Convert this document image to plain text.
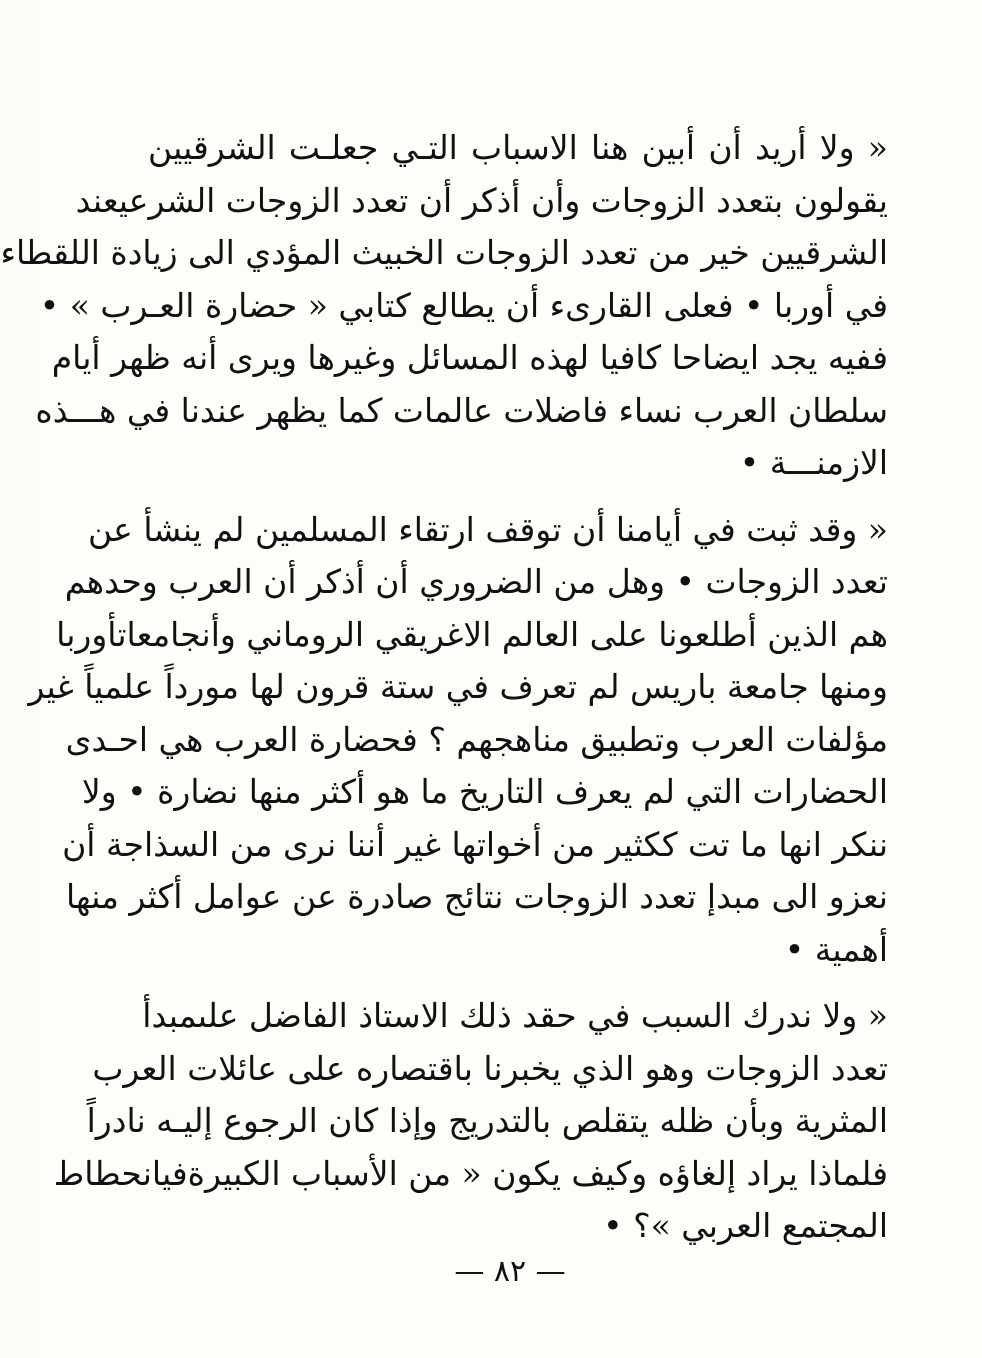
« ولا أريد أن أبين هنا الاسباب التـي جعلـت الشرقيين
يقولون بتعدد الزوجات وأن أذكر أن تعدد الزوجات الشرعيعند
الشرقيين خير من تعدد الزوجات الخبيث المؤدي الى زيادة اللقطاء
في أوربا • فعلى القارىء أن يطالع كتابي « حضارة العـرب » •
ففيه يجد ايضاحا كافيا لهذه المسائل وغيرها ويرى أنه ظهر أيام
سلطان العرب نساء فاضلات عالمات كما يظهر عندنا في هـــذه
الازمنـــة •

« وقد ثبت في أيامنا أن توقف ارتقاء المسلمين لم ينشأ عن
تعدد الزوجات • وهل من الضروري أن أذكر أن العرب وحدهم
هم الذين أطلعونا على العالم الاغريقي الروماني وأنجامعاتأوربا
ومنها جامعة باريس لم تعرف في ستة قرون لها مورداً علمياً غير
مؤلفات العرب وتطبيق مناهجهم ؟ فحضارة العرب هي احـدى
الحضارات التي لم يعرف التاريخ ما هو أكثر منها نضارة • ولا
ننكر انها ما تت ككثير من أخواتها غير أننا نرى من السذاجة أن
نعزو الى مبدإ تعدد الزوجات نتائج صادرة عن عوامل أكثر منها
أهمية •

« ولا ندرك السبب في حقد ذلك الاستاذ الفاضل علىمبدأ
تعدد الزوجات وهو الذي يخبرنا باقتصاره على عائلات العرب
المثرية وبأن ظله يتقلص بالتدريج وإذا كان الرجوع إليـه نادراً
فلماذا يراد إلغاؤه وكيف يكون « من الأسباب الكبيرةفيانحطاط
المجتمع العربي »؟ •

— ٨٢ —
